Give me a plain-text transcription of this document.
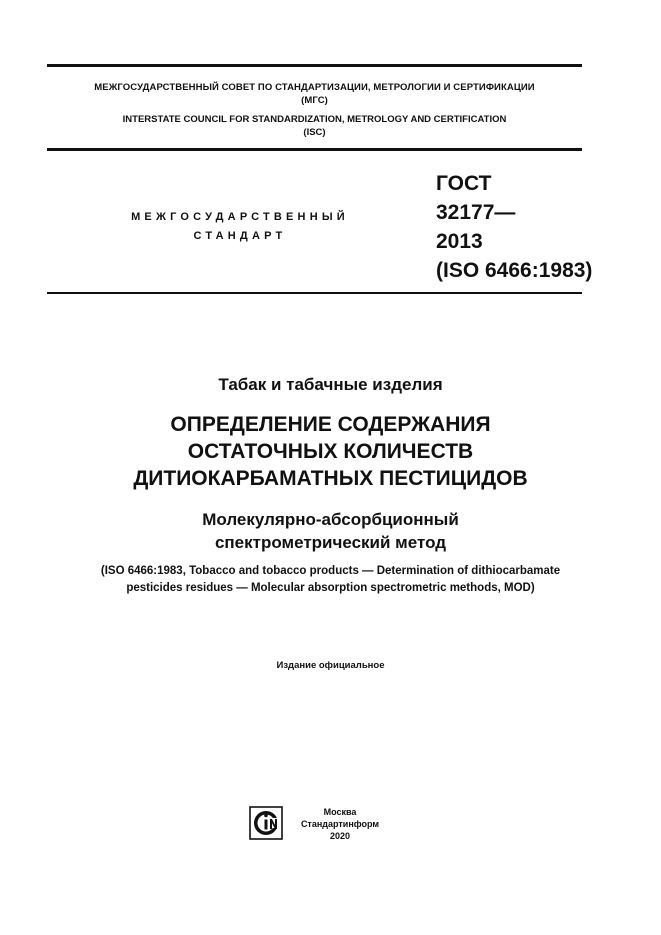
МЕЖГОСУДАРСТВЕННЫЙ СОВЕТ ПО СТАНДАРТИЗАЦИИ, МЕТРОЛОГИИ И СЕРТИФИКАЦИИ
(МГС)
INTERSTATE COUNCIL FOR STANDARDIZATION, METROLOGY AND CERTIFICATION
(ISC)
МЕЖГОСУДАРСТВЕННЫЙ
СТАНДАРТ
ГОСТ
32177—
2013
(ISO 6466:1983)
Табак и табачные изделия
ОПРЕДЕЛЕНИЕ СОДЕРЖАНИЯ
ОСТАТОЧНЫХ КОЛИЧЕСТВ
ДИТИОКАРБАМАТНЫХ ПЕСТИЦИДОВ
Молекулярно-абсорбционный
спектрометрический метод
(ISO 6466:1983, Tobacco and tobacco products — Determination of dithiocarbamate
pesticides residues — Molecular absorption spectrometric methods, MOD)
Издание официальное
Москва
Стандартинформ
2020
